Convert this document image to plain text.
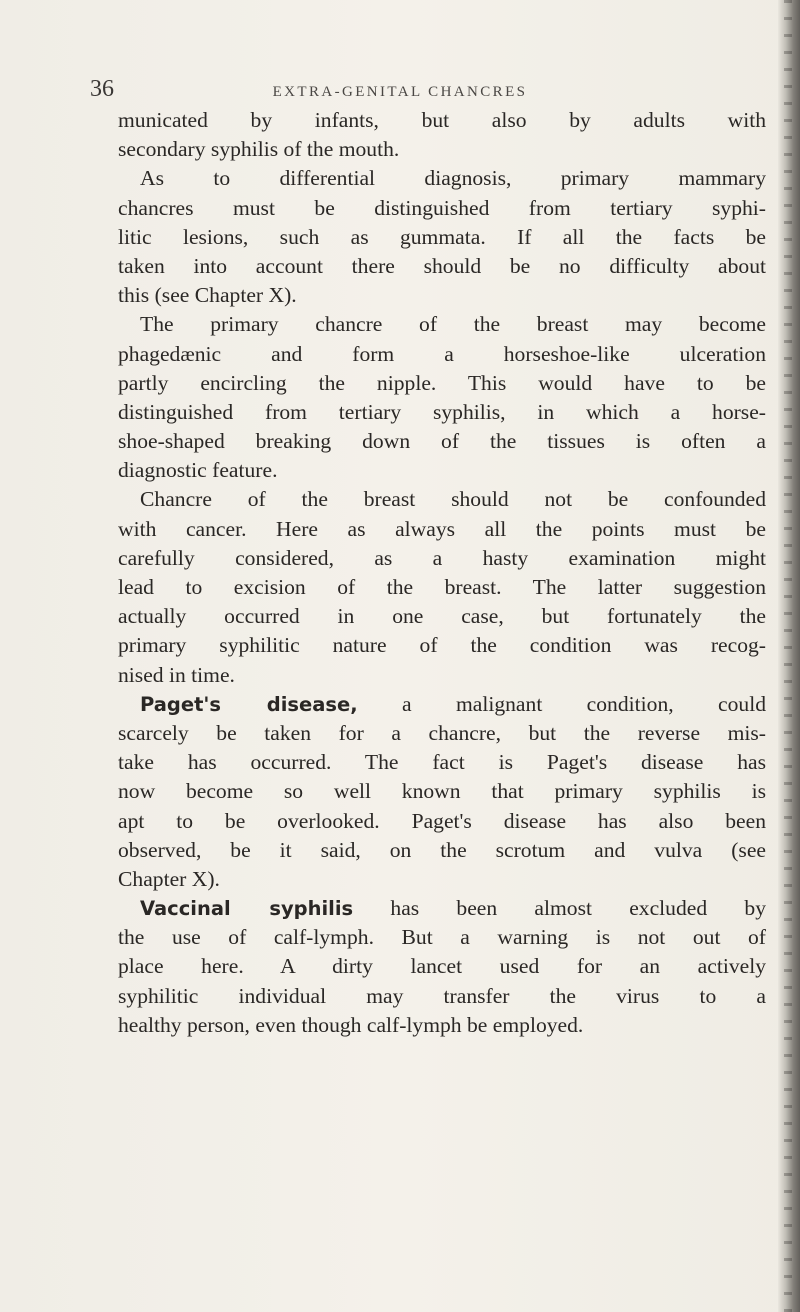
36	EXTRA-GENITAL CHANCRES
municated by infants, but also by adults with
secondary syphilis of the mouth.
As to differential diagnosis, primary mammary
chancres must be distinguished from tertiary syphi-
litic lesions, such as gummata. If all the facts be
taken into account there should be no difficulty about
this (see Chapter X).
The primary chancre of the breast may become
phagedænic and form a horseshoe-like ulceration
partly encircling the nipple. This would have to be
distinguished from tertiary syphilis, in which a horse-
shoe-shaped breaking down of the tissues is often a
diagnostic feature.
Chancre of the breast should not be confounded
with cancer. Here as always all the points must be
carefully considered, as a hasty examination might
lead to excision of the breast. The latter suggestion
actually occurred in one case, but fortunately the
primary syphilitic nature of the condition was recog-
nised in time.
Paget's disease, a malignant condition, could
scarcely be taken for a chancre, but the reverse mis-
take has occurred. The fact is Paget's disease has
now become so well known that primary syphilis is
apt to be overlooked. Paget's disease has also been
observed, be it said, on the scrotum and vulva (see
Chapter X).
Vaccinal syphilis has been almost excluded by
the use of calf-lymph. But a warning is not out of
place here. A dirty lancet used for an actively
syphilitic individual may transfer the virus to a
healthy person, even though calf-lymph be employed.
